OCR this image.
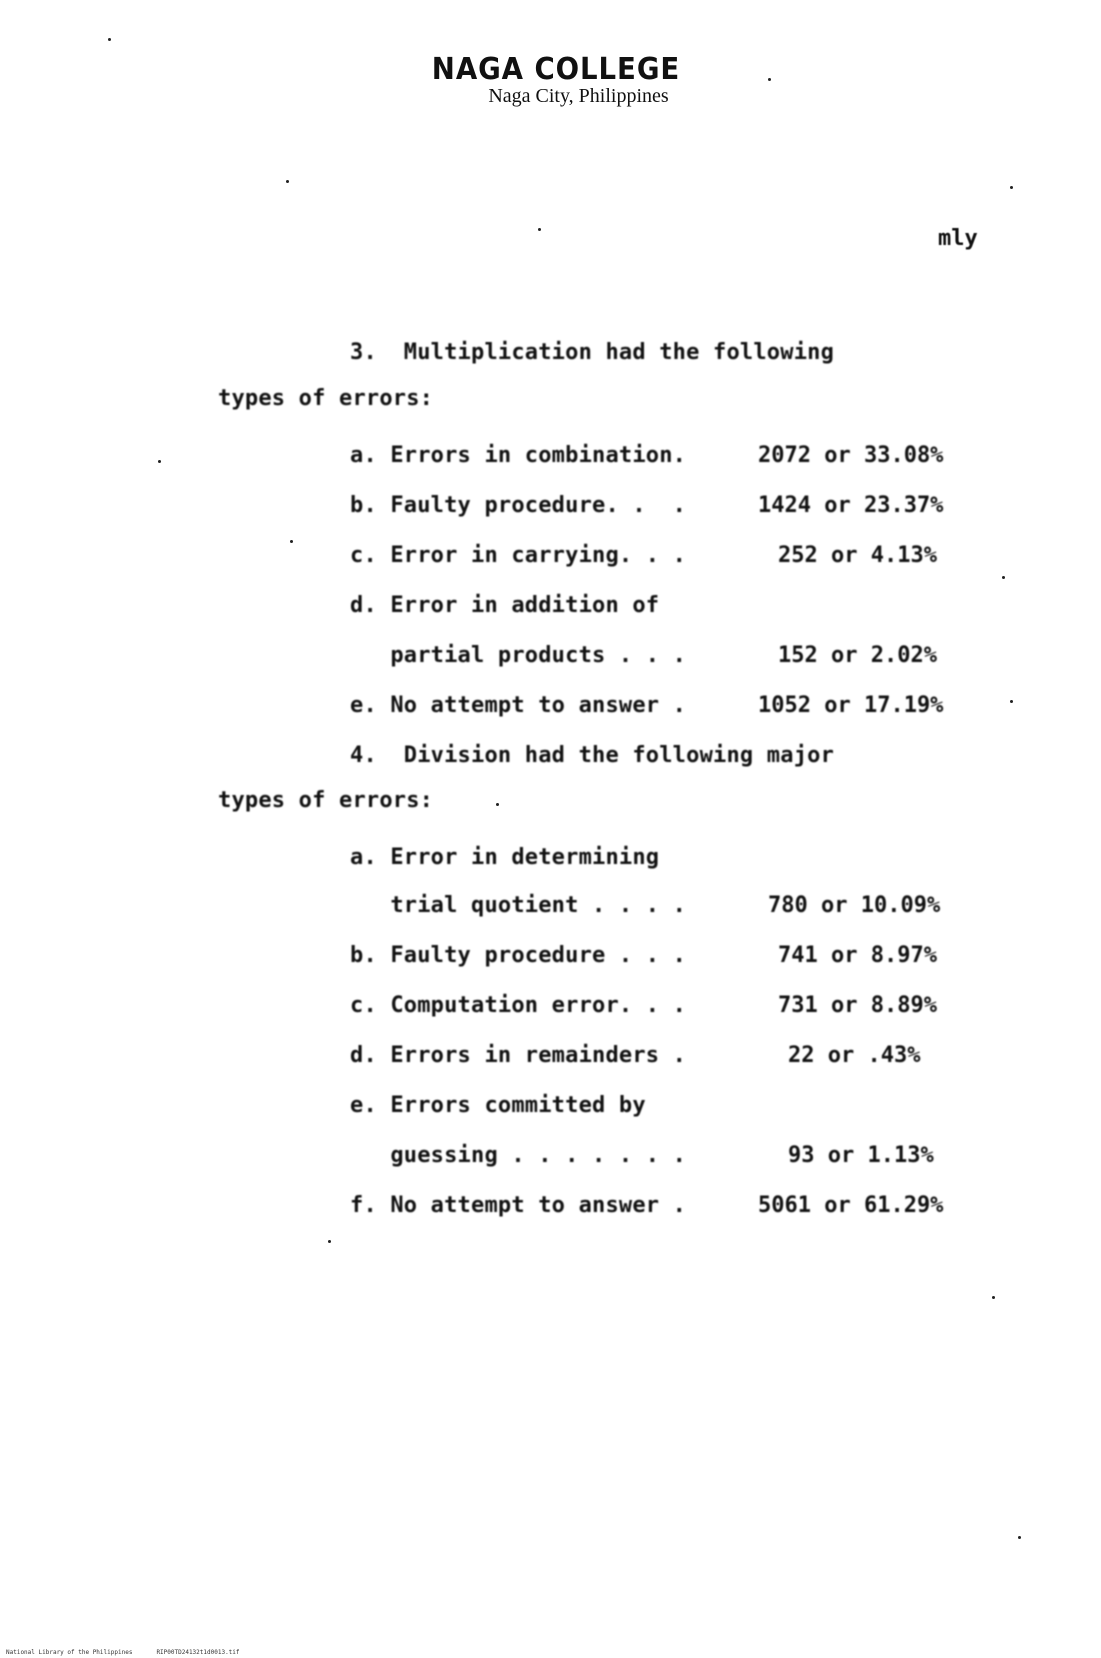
NAGA COLLEGE
Naga City, Philippines
mly
3.  Multiplication had the following
types of errors:
a. Errors in combination.	2072 or 33.08%
b. Faulty procedure. .  .	1424 or 23.37%
c. Error in carrying. . .	252 or 4.13%
d. Error in addition of
partial products . . .	152 or 2.02%
e. No attempt to answer .	1052 or 17.19%
4.  Division had the following major
types of errors:
a. Error in determining
trial quotient . . . .	780 or 10.09%
b. Faulty procedure . . .	741 or 8.97%
c. Computation error. . .	731 or 8.89%
d. Errors in remainders .	22 or .43%
e. Errors committed by
guessing . . . . . . .	93 or 1.13%
f. No attempt to answer .	5061 or 61.29%
National Library of the Philippines	RIP00TD24132t1d0013.tif
